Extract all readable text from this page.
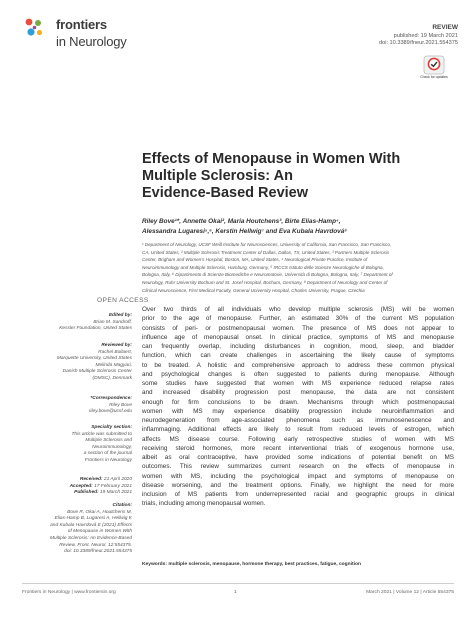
frontiers
in Neurology
REVIEW
published: 19 March 2021
doi: 10.3389/fneur.2021.554375
Check for updates
Effects of Menopause in Women With
Multiple Sclerosis: An
Evidence-Based Review
Riley Bove¹*, Annette Okai², Maria Houtchens³, Birte Elias-Hamp⁴,
Alessandra Lugaresi⁵,⁶, Kerstin Hellwig⁷ and Eva Kubala Havrdová⁸
¹ Department of Neurology, UCSF Weill Institute for Neurosciences, University of California, San Francisco, San Francisco,
CA, United States, ² Multiple Sclerosis Treatment Center of Dallas, Dallas, TX, United States, ³ Partners Multiple Sclerosis
Center, Brigham and Women's Hospital, Boston, MA, United States, ⁴ Neurological Private Practice, Institute of
Neuroimmunology and Multiple Sclerosis, Hamburg, Germany, ⁵ IRCCS Istituto delle Scienze Neurologiche di Bologna,
Bologna, Italy, ⁶ Dipartimento di Scienze Biomediche e Neuromotorie, Università di Bologna, Bologna, Italy, ⁷ Department of
Neurology, Ruhr University Bochum and St. Josef Hospital, Bochum, Germany, ⁸ Department of Neurology and Center of
Clinical Neuroscience, First Medical Faculty, General University Hospital, Charles University, Prague, Czechia
OPEN ACCESS
Edited by:
Brian M. Sandroff,
Kessler Foundation, United States
Reviewed by:
Rachel Bollaert,
Marquette University, United States
Melinda Magyari,
Danish Multiple Sclerosis Center
(DMSC), Denmark
*Correspondence:
Riley Bove
riley.bove@ucsf.edu
Specialty section:
This article was submitted to
Multiple Sclerosis and
Neuroimmunology,
a section of the journal
Frontiers in Neurology
Received: 21 April 2020
Accepted: 17 February 2021
Published: 19 March 2021
Citation:
Bove R, Okai A, Houtchens M,
Elias-Hamp B, Lugaresi A, Hellwig K
and Kubala Havrdová E (2021) Effects
of Menopause in Women With
Multiple Sclerosis: An Evidence-Based
Review. Front. Neurol. 12:554375.
doi: 10.3389/fneur.2021.554375
Over two thirds of all individuals who develop multiple sclerosis (MS) will be women
prior to the age of menopause. Further, an estimated 30% of the current MS population
consists of peri- or postmenopausal women. The presence of MS does not appear to
influence age of menopausal onset. In clinical practice, symptoms of MS and menopause
can frequently overlap, including disturbances in cognition, mood, sleep, and bladder
function, which can create challenges in ascertaining the likely cause of symptoms
to be treated. A holistic and comprehensive approach to address these common physical
and psychological changes is often suggested to patients during menopause. Although
some studies have suggested that women with MS experience reduced relapse rates
and increased disability progression post menopause, the data are not consistent
enough for firm conclusions to be drawn. Mechanisms through which postmenopausal
women with MS may experience disability progression include neuroinflammation and
neurodegeneration from age-associated phenomena such as immunosenescence and
inflammaging. Additional effects are likely to result from reduced levels of estrogen, which
affects MS disease course. Following early retrospective studies of women with MS
receiving steroid hormones, more recent interventional trials of exogenous hormone use,
albeit as oral contraceptive, have provided some indications of potential benefit on MS
outcomes. This review summarizes current research on the effects of menopause in
women with MS, including the psychological impact and symptoms of menopause on
disease worsening, and the treatment options. Finally, we highlight the need for more
inclusion of MS patients from underrepresented racial and geographic groups in clinical
trials, including among menopausal women.
Keywords: multiple sclerosis, menopause, hormone therapy, best practices, fatigue, cognition
Frontiers in Neurology | www.frontiersin.org	1	March 2021 | Volume 12 | Article 554375
